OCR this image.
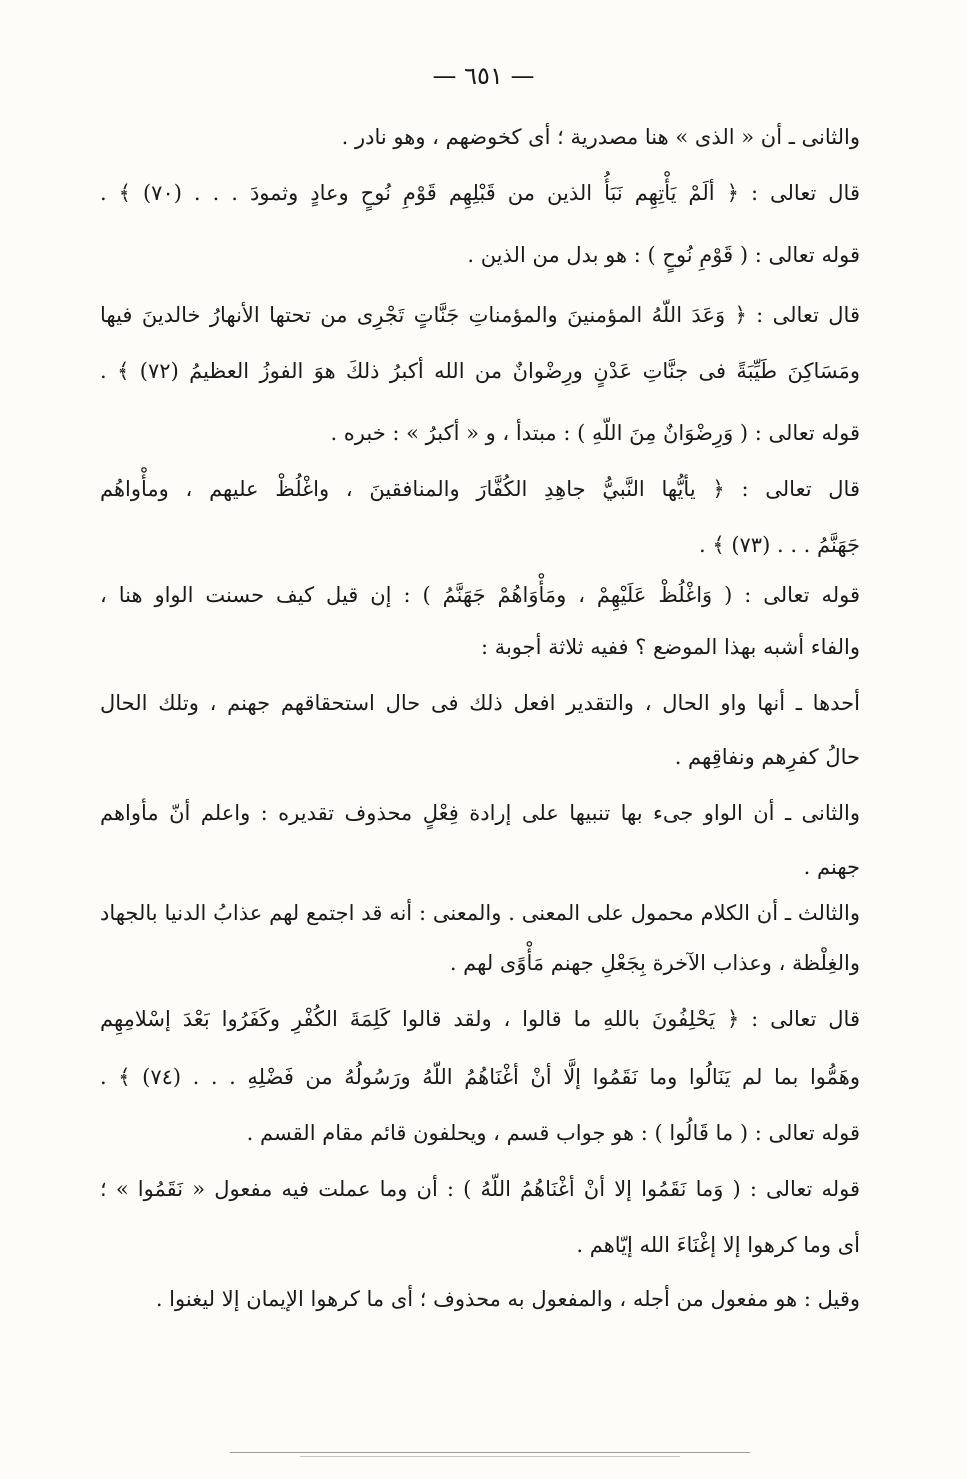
— ٦٥١ —
والثانى ـ أن « الذى » هنا مصدرية ؛ أى كخوضهم ، وهو نادر .
قال تعالى : ﴿ ألَمْ يَأْتِهِم نَبَأُ الذين من قَبْلِهِم قَوْمِ نُوحٍ وعادٍ وثمودَ . . . (٧٠) ﴾ .
قوله تعالى : ( قَوْمِ نُوحٍ ) : هو بدل من الذين .
قال تعالى : ﴿ وَعَدَ اللّهُ المؤمنينَ والمؤمناتِ جَنَّاتٍ تَجْرِى من تحتها الأنهارُ خالدينَ فيها
ومَسَاكِنَ طَيِّبَةً فى جنَّاتِ عَدْنٍ ورِضْوانٌ من الله أكبرُ ذلكَ هوَ الفوزُ العظيمُ (٧٢) ﴾ .
قوله تعالى : ( وَرِضْوَانٌ مِنَ اللّهِ ) : مبتدأ ، و « أكبرُ » : خبره .
قال تعالى : ﴿ يأيُّها النَّبيُّ جاهِدِ الكُفَّارَ والمنافقينَ ، واغْلُظْ عليهم ، ومأْواهُم
جَهَنَّمُ . . . (٧٣) ﴾ .
قوله تعالى : ( وَاغْلُظْ عَلَيْهِمْ ، ومَأْوَاهُمْ جَهَنَّمُ ) : إن قيل كيف حسنت الواو هنا ،
والفاء أشبه بهذا الموضع ؟ ففيه ثلاثة أجوبة :
أحدها ـ أنها واو الحال ، والتقدير افعل ذلك فى حال استحقاقهم جهنم ، وتلك الحال
حالُ كفرِهم ونفاقِهم .
والثانى ـ أن الواو جىء بها تنبيها على إرادة فِعْلٍ محذوف تقديره : واعلم أنّ مأواهم
جهنم .
والثالث ـ أن الكلام محمول على المعنى . والمعنى : أنه قد اجتمع لهم عذابُ الدنيا بالجهاد
والغِلْظة ، وعذاب الآخرة بِجَعْلِ جهنم مَأْوًى لهم .
قال تعالى : ﴿ يَحْلِفُونَ باللهِ ما قالوا ، ولقد قالوا كَلِمَةَ الكُفْرِ وكَفَرُوا بَعْدَ إسْلامِهِم
وهَمُّوا بما لم يَنَالُوا وما نَقَمُوا إلَّا أنْ أغْنَاهُمُ اللّهُ ورَسُولُهُ من فَضْلِهِ . . . (٧٤) ﴾ .
قوله تعالى : ( ما قَالُوا ) : هو جواب قسم ، ويحلفون قائم مقام القسم .
قوله تعالى : ( وَما نَقَمُوا إلا أنْ أغْنَاهُمُ اللّهُ ) : أن وما عملت فيه مفعول « نَقَمُوا » ؛
أى وما كرهوا إلا إغْنَاءَ الله إيّاهم .
وقيل : هو مفعول من أجله ، والمفعول به محذوف ؛ أى ما كرهوا الإيمان إلا ليغنوا .
